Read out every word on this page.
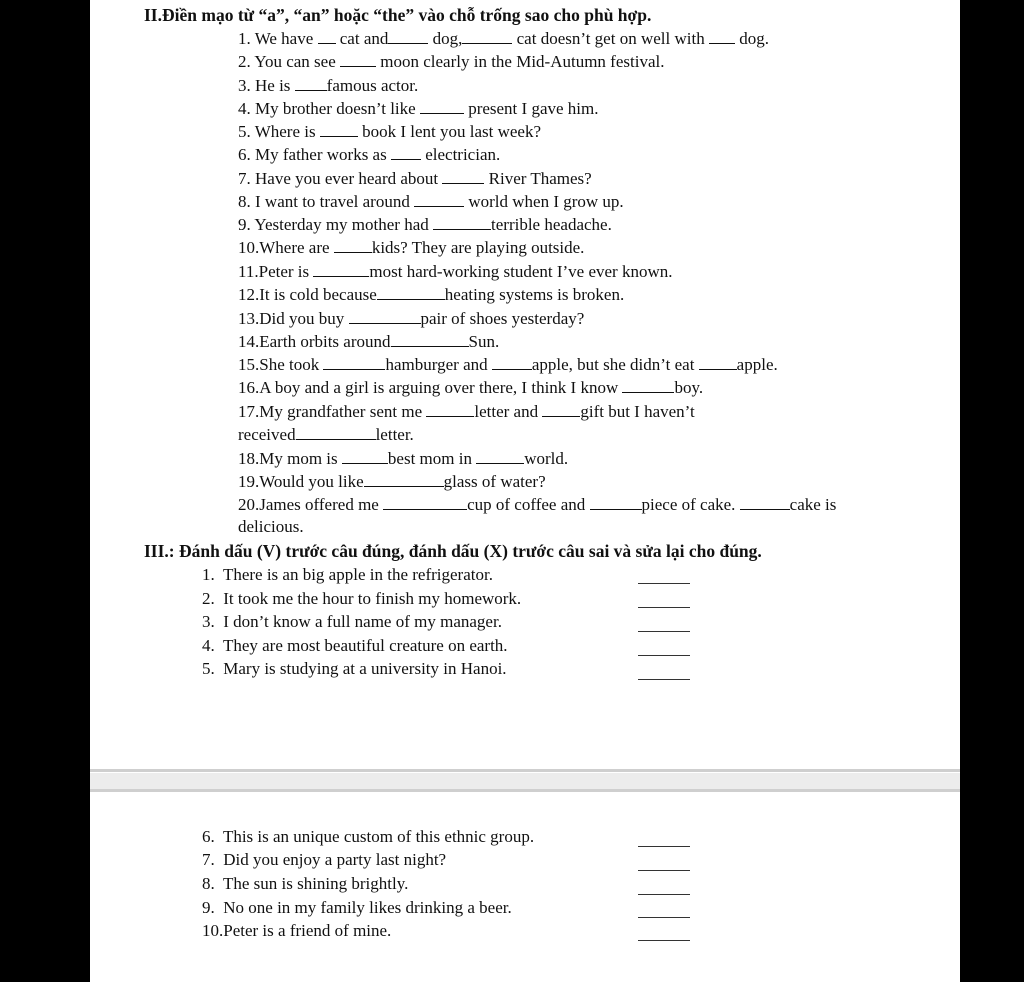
II.Điền mạo từ “a”, “an” hoặc “the” vào chỗ trống sao cho phù hợp.
1. We have cat and	dog,	cat doesn’t get on well with dog.
2. You can see	moon clearly in the Mid-Autumn festival.
3. He is famous actor.
4. My brother doesn’t like	present I gave him.
5. Where is	book I lent you last week?
6. My father works as electrician.
7. Have you ever heard about	River Thames?
8. I want to travel around	world when I grow up.
9. Yesterday my mother had	terrible headache.
10.Where are kids? They are playing outside.
11.Peter is	most hard-working student I’ve ever known.
12.It is cold because	heating systems is broken.
13.Did you buy	pair of shoes yesterday?
14.Earth orbits around	Sun.
15.She took	hamburger and	apple, but she didn’t eat apple.
16.A boy and a girl is arguing over there, I think I know	boy.
17.My grandfather sent me	letter and gift but I haven’t
received	letter.
18.My mom is	best mom in	world.
19.Would you like	glass of water?
20.James offered me	cup of coffee and	piece of cake.	cake is
delicious.
III.: Đánh dấu (V) trước câu đúng, đánh dấu (X) trước câu sai và sửa lại cho đúng.
1.  There is an big apple in the refrigerator.
2.  It took me the hour to finish my homework.
3.  I don’t know a full name of my manager.
4.  They are most beautiful creature on earth.
5.  Mary is studying at a university in Hanoi.
6.  This is an unique custom of this ethnic group.
7.  Did you enjoy a party last night?
8.  The sun is shining brightly.
9.  No one in my family likes drinking a beer.
10.Peter is a friend of mine.
